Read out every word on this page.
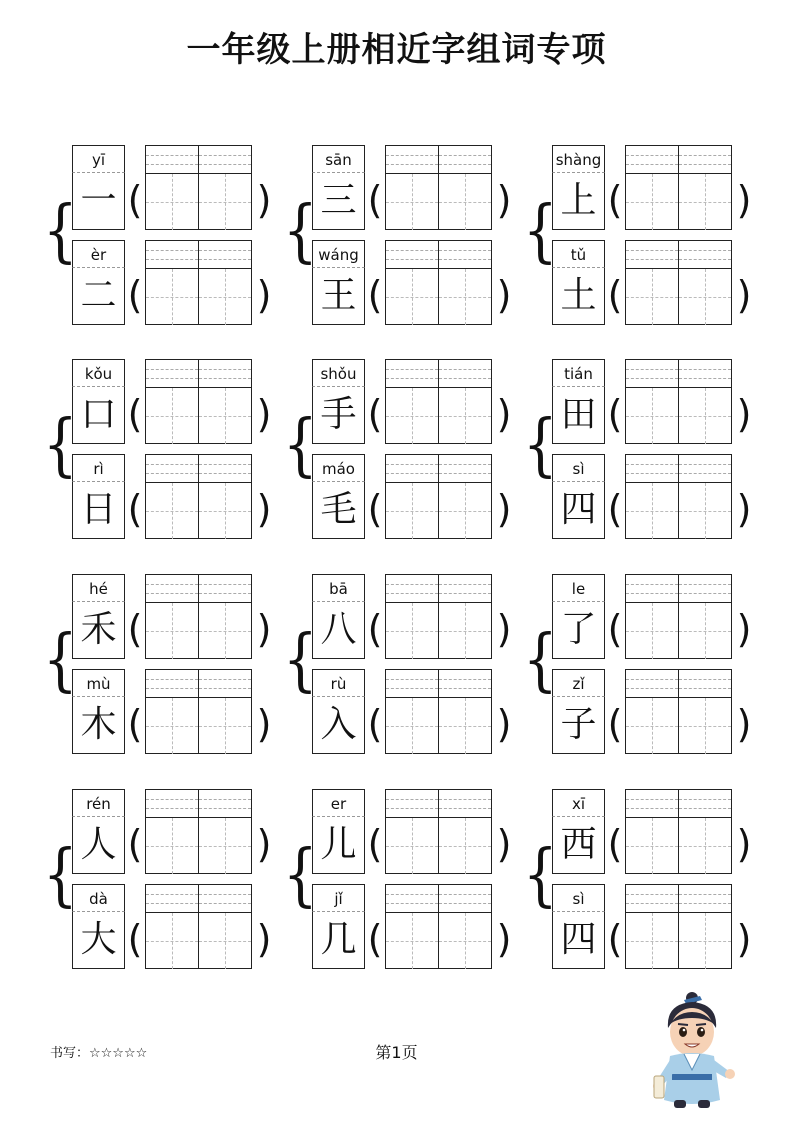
一年级上册相近字组词专项
{
yī
一 (	)
èr
二 (	)
{
sān
三 (	)
wáng
王 (	)
{
shàng
上 (	)
tǔ
土 (	)
{
kǒu
口 (	)
rì
日 (	)
{
shǒu
手 (	)
máo
毛 (	)
{
tián
田 (	)
sì
四 (	)
{
hé
禾 (	)
mù
木 (	)
{
bā
八 (	)
rù
入 (	)
{
le
了 (	)
zǐ
子 (	)
{
rén
人 (	)
dà
大 (	)
{
er
儿 (	)
jǐ
几 (	)
{
xī
西 (	)
sì
四 (	)
书写：☆☆☆☆☆	第1页
